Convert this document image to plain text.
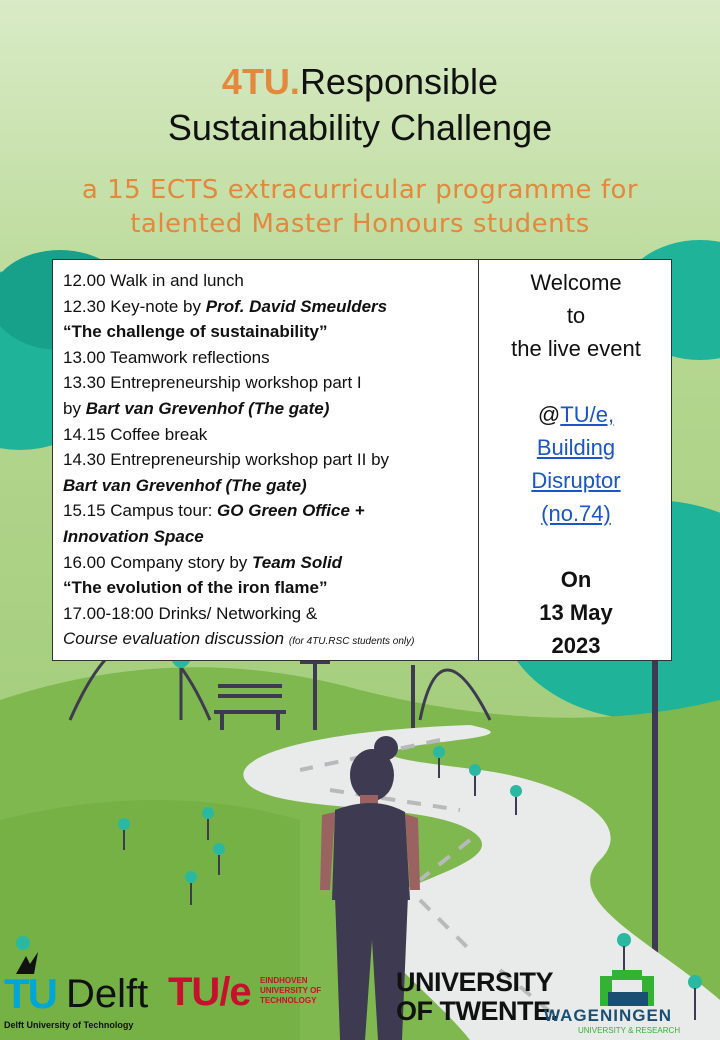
4TU.Responsible
Sustainability Challenge
a 15 ECTS extracurricular programme for
talented Master Honours students
12.00 Walk in and lunch
12.30 Key-note by Prof. David Smeulders
“The challenge of sustainability”
13.00 Teamwork reflections
13.30 Entrepreneurship workshop part I
by Bart van Grevenhof (The gate)
14.15 Coffee break
14.30 Entrepreneurship workshop part II by
Bart van Grevenhof (The gate)
15.15 Campus tour: GO Green Office +
Innovation Space
16.00 Company story by Team Solid
“The evolution of the iron flame”
17.00-18:00 Drinks/ Networking &
Course evaluation discussion (for 4TU.RSC students only)
Welcome
to
the live event
@TU/e,
Building
Disruptor
(no.74)
On
13 May
2023
TU Delft
Delft University of Technology
TU/e EINDHOVEN
UNIVERSITY OF
TECHNOLOGY
UNIVERSITY
OF TWENTE.
WAGENINGEN
UNIVERSITY & RESEARCH
